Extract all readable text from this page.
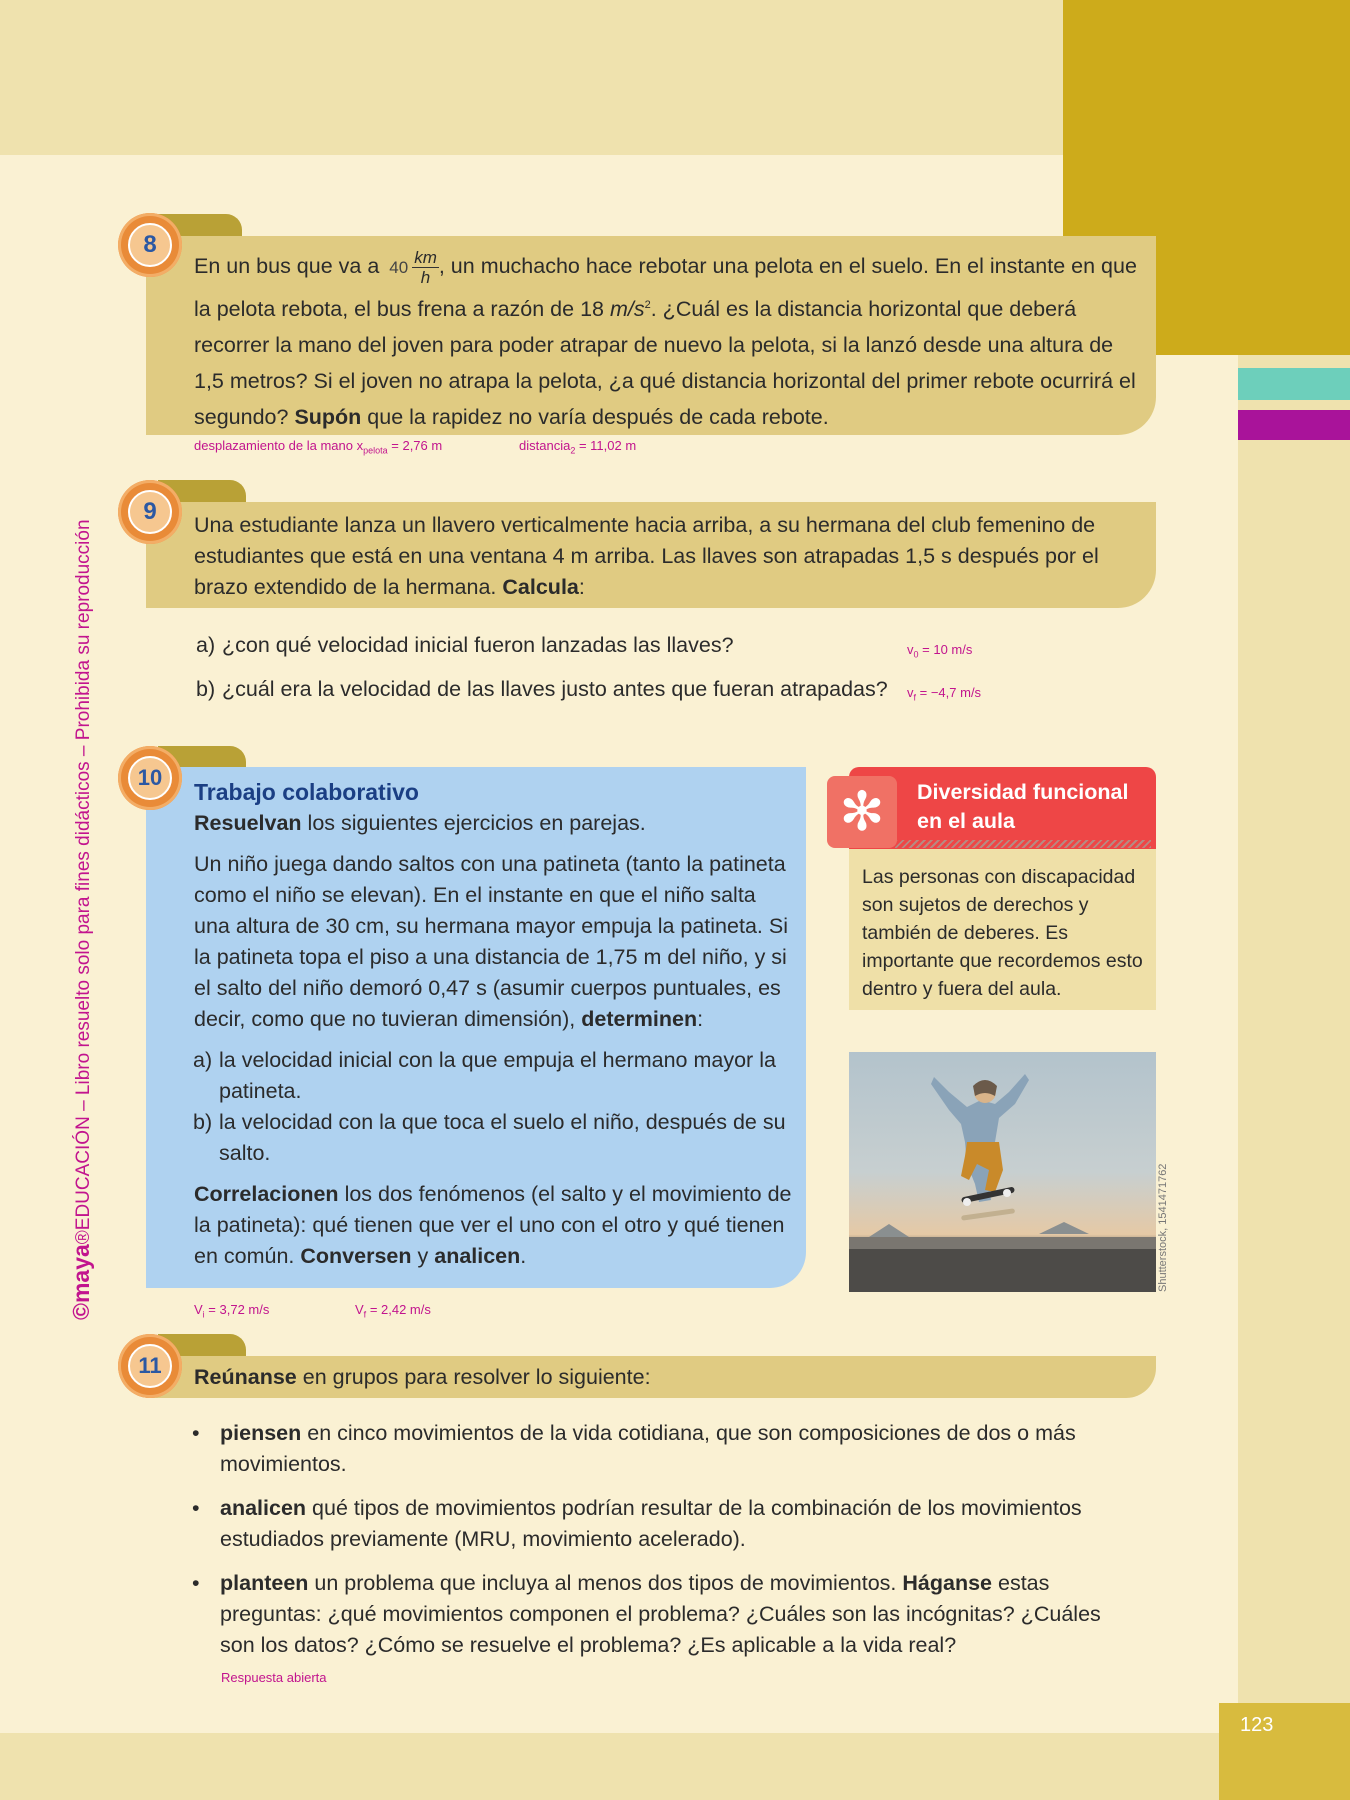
123
©maya®EDUCACIÓN – Libro resuelto solo para fines didácticos – Prohibida su reproducción
En un bus que va a $40 \frac{km}{h}$ , un muchacho hace rebotar una pelota en el suelo. En el instante en que la pelota rebota, el bus frena a razón de 18 $m/s^2$. ¿Cuál es la distancia horizontal que deberá recorrer la mano del joven para poder atrapar de nuevo la pelota, si la lanzó desde una altura de 1,5 metros? Si el joven no atrapa la pelota, ¿a qué distancia horizontal del primer rebote ocurrirá el segundo? Supón que la rapidez no varía después de cada rebote.
8
desplazamiento de la mano $x_{pelota} = 2,76$ m	distancia$_2$ = 11,02 m
Una estudiante lanza un llavero verticalmente hacia arriba, a su hermana del club femenino de estudiantes que está en una ventana 4 m arriba. Las llaves son atrapadas 1,5 s después por el brazo extendido de la hermana. Calcula:
9
a) ¿con qué velocidad inicial fueron lanzadas las llaves?
b) ¿cuál era la velocidad de las llaves justo antes que fueran atrapadas?
$v_0 = 10$ m/s
$v_f = -4,7$ m/s
Trabajo colaborativo

Resuelvan los siguientes ejercicios en parejas.

Un niño juega dando saltos con una patineta (tanto la patineta como el niño se elevan). En el instante en que el niño salta una altura de 30 cm, su hermana mayor empuja la patineta. Si la patineta topa el piso a una distancia de 1,75 m del niño, y si el salto del niño demoró 0,47 s (asumir cuerpos puntuales, es decir, como que no tuvieran dimensión), determinen:

a) la velocidad inicial con la que empuja el hermano mayor la patineta.
b) la velocidad con la que toca el suelo el niño, después de su salto.

Correlacionen los dos fenómenos (el salto y el movimiento de la patineta): qué tienen que ver el uno con el otro y qué tienen en común. Conversen y analicen.

10
$V_i = 3,72$ m/s	$V_f = 2,42$ m/s
✻	Diversidad funcional en el aula
Las personas con discapacidad son sujetos de derechos y también de deberes. Es importante que recordemos esto dentro y fuera del aula.
Shutterstock, 1541471762
Reúnanse en grupos para resolver lo siguiente:
11
• piensen en cinco movimientos de la vida cotidiana, que son composiciones de dos o más movimientos.
• analicen qué tipos de movimientos podrían resultar de la combinación de los movimientos estudiados previamente (MRU, movimiento acelerado).
• planteen un problema que incluya al menos dos tipos de movimientos. Háganse estas preguntas: ¿qué movimientos componen el problema? ¿Cuáles son las incógnitas? ¿Cuáles son los datos? ¿Cómo se resuelve el problema? ¿Es aplicable a la vida real?
Respuesta abierta
